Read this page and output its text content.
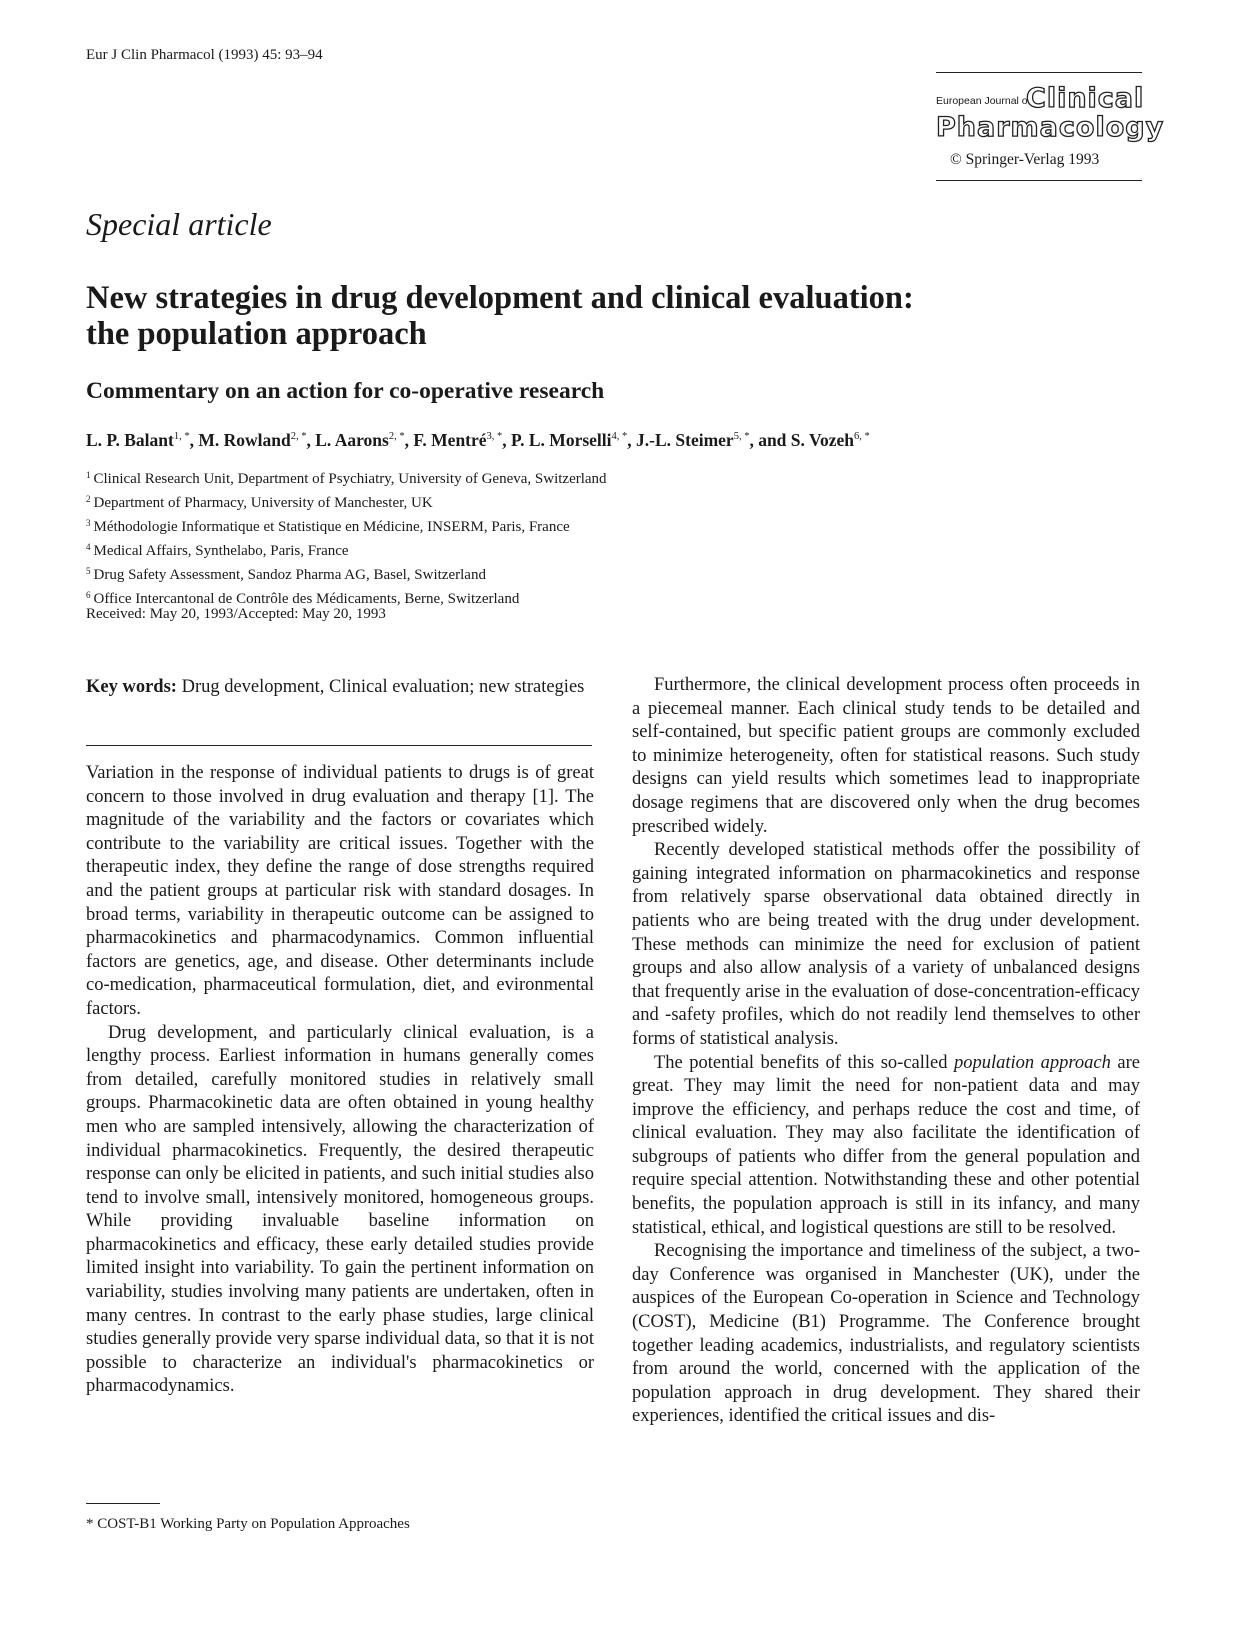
Eur J Clin Pharmacol (1993) 45: 93–94
European Journal of
Clinical
Pharmacology
© Springer-Verlag 1993
Special article
New strategies in drug development and clinical evaluation:
the population approach
Commentary on an action for co-operative research
L. P. Balant$^{1, *}$, M. Rowland$^{2, *}$, L. Aarons$^{2, *}$, F. Mentré$^{3, *}$, P. L. Morselli$^{4, *}$, J.-L. Steimer$^{5, *}$, and S. Vozeh$^{6, *}$
$^1$ Clinical Research Unit, Department of Psychiatry, University of Geneva, Switzerland
$^2$ Department of Pharmacy, University of Manchester, UK
$^3$ Méthodologie Informatique et Statistique en Médicine, INSERM, Paris, France
$^4$ Medical Affairs, Synthelabo, Paris, France
$^5$ Drug Safety Assessment, Sandoz Pharma AG, Basel, Switzerland
$^6$ Office Intercantonal de Contrôle des Médicaments, Berne, Switzerland
Received: May 20, 1993/Accepted: May 20, 1993
Key words: Drug development, Clinical evaluation; new strategies

Variation in the response of individual patients to drugs is of great concern to those involved in drug evaluation and therapy [1]. The magnitude of the variability and the factors or covariates which contribute to the variability are critical issues. Together with the therapeutic index, they define the range of dose strengths required and the patient groups at particular risk with standard dosages. In broad terms, variability in therapeutic outcome can be assigned to pharmacokinetics and pharmacodynamics. Common influential factors are genetics, age, and disease. Other determinants include co-medication, pharmaceutical formulation, diet, and evironmental factors.

Drug development, and particularly clinical evaluation, is a lengthy process. Earliest information in humans generally comes from detailed, carefully monitored studies in relatively small groups. Pharmacokinetic data are often obtained in young healthy men who are sampled intensively, allowing the characterization of individual pharmacokinetics. Frequently, the desired therapeutic response can only be elicited in patients, and such initial studies also tend to involve small, intensively monitored, homogeneous groups. While providing invaluable baseline information on pharmacokinetics and efficacy, these early detailed studies provide limited insight into variability. To gain the pertinent information on variability, studies involving many patients are undertaken, often in many centres. In contrast to the early phase studies, large clinical studies generally provide very sparse individual data, so that it is not possible to characterize an individual's pharmacokinetics or pharmacodynamics.

Furthermore, the clinical development process often proceeds in a piecemeal manner. Each clinical study tends to be detailed and self-contained, but specific patient groups are commonly excluded to minimize heterogeneity, often for statistical reasons. Such study designs can yield results which sometimes lead to inappropriate dosage regimens that are discovered only when the drug becomes prescribed widely.

Recently developed statistical methods offer the possibility of gaining integrated information on pharmacokinetics and response from relatively sparse observational data obtained directly in patients who are being treated with the drug under development. These methods can minimize the need for exclusion of patient groups and also allow analysis of a variety of unbalanced designs that frequently arise in the evaluation of dose-concentration-efficacy and -safety profiles, which do not readily lend themselves to other forms of statistical analysis.

The potential benefits of this so-called population approach are great. They may limit the need for non-patient data and may improve the efficiency, and perhaps reduce the cost and time, of clinical evaluation. They may also facilitate the identification of subgroups of patients who differ from the general population and require special attention. Notwithstanding these and other potential benefits, the population approach is still in its infancy, and many statistical, ethical, and logistical questions are still to be resolved.

Recognising the importance and timeliness of the subject, a two-day Conference was organised in Manchester (UK), under the auspices of the European Co-operation in Science and Technology (COST), Medicine (B1) Programme. The Conference brought together leading academics, industrialists, and regulatory scientists from around the world, concerned with the application of the population approach in drug development. They shared their experiences, identified the critical issues and dis-

* COST-B1 Working Party on Population Approaches
